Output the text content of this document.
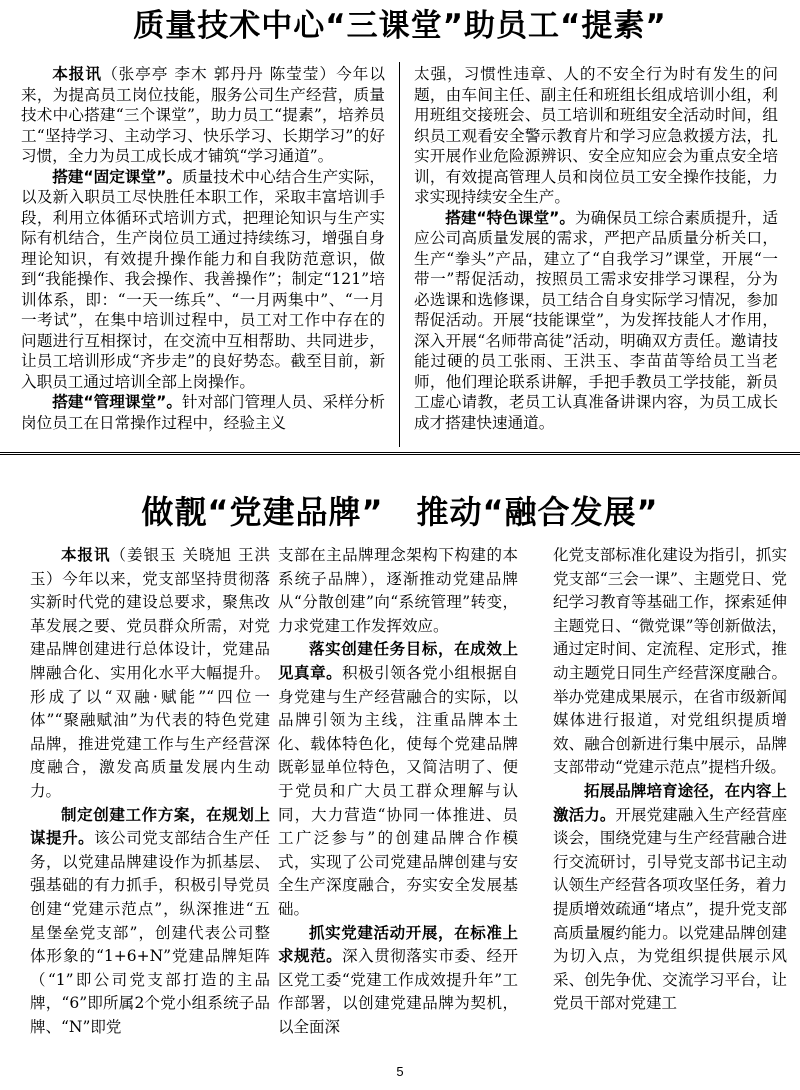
质量技术中心“三课堂”助员工“提素”

本报讯（张亭亭 李木 郭丹丹 陈莹莹）今年以来，为提高员工岗位技能，服务公司生产经营，质量技术中心搭建“三个课堂”，助力员工“提素”，培养员工“坚持学习、主动学习、快乐学习、长期学习”的好习惯，全力为员工成长成才铺筑“学习通道”。

搭建“固定课堂”。质量技术中心结合生产实际，以及新入职员工尽快胜任本职工作，采取丰富培训手段，利用立体循环式培训方式，把理论知识与生产实际有机结合，生产岗位员工通过持续练习，增强自身理论知识，有效提升操作能力和自我防范意识，做到“我能操作、我会操作、我善操作”；制定“121”培训体系，即：“一天一练兵”、“一月两集中”、“一月一考试”，在集中培训过程中，员工对工作中存在的问题进行互相探讨，在交流中互相帮助、共同进步，让员工培训形成“齐步走”的良好势态。截至目前，新入职员工通过培训全部上岗操作。

搭建“管理课堂”。针对部门管理人员、采样分析岗位员工在日常操作过程中，经验主义

太强，习惯性违章、人的不安全行为时有发生的问题，由车间主任、副主任和班组长组成培训小组，利用班组交接班会、员工培训和班组安全活动时间，组织员工观看安全警示教育片和学习应急救援方法，扎实开展作业危险源辨识、安全应知应会为重点安全培训，有效提高管理人员和岗位员工安全操作技能，力求实现持续安全生产。

搭建“特色课堂”。为确保员工综合素质提升，适应公司高质量发展的需求，严把产品质量分析关口，生产“拳头”产品，建立了“自我学习”课堂，开展“一带一”帮促活动，按照员工需求安排学习课程，分为必选课和选修课，员工结合自身实际学习情况，参加帮促活动。开展“技能课堂”，为发挥技能人才作用，深入开展“名师带高徒”活动，明确双方责任。邀请技能过硬的员工张雨、王洪玉、李苗苗等给员工当老师，他们理论联系讲解，手把手教员工学技能，新员工虚心请教，老员工认真准备讲课内容，为员工成长成才搭建快速通道。

做靓“党建品牌”　推动“融合发展”

本报讯（姜银玉 关晓旭 王洪玉）今年以来，党支部坚持贯彻落实新时代党的建设总要求，聚焦改革发展之要、党员群众所需，对党建品牌创建进行总体设计，党建品牌融合化、实用化水平大幅提升。形成了以“双融·赋能”“四位一体”“聚融赋油”为代表的特色党建品牌，推进党建工作与生产经营深度融合，激发高质量发展内生动力。

制定创建工作方案，在规划上谋提升。该公司党支部结合生产任务，以党建品牌建设作为抓基层、强基础的有力抓手，积极引导党员创建“党建示范点”，纵深推进“五星堡垒党支部”，创建代表公司整体形象的“1+6+N”党建品牌矩阵（“1”即公司党支部打造的主品牌，“6”即所属2个党小组系统子品牌、“N”即党

支部在主品牌理念架构下构建的本系统子品牌），逐渐推动党建品牌从“分散创建”向“系统管理”转变，力求党建工作发挥效应。

落实创建任务目标，在成效上见真章。积极引领各党小组根据自身党建与生产经营融合的实际，以品牌引领为主线，注重品牌本土化、载体特色化，使每个党建品牌既彰显单位特色，又简洁明了、便于党员和广大员工群众理解与认同，大力营造“协同一体推进、员工广泛参与”的创建品牌合作模式，实现了公司党建品牌创建与安全生产深度融合，夯实安全发展基础。

抓实党建活动开展，在标准上求规范。深入贯彻落实市委、经开区党工委“党建工作成效提升年”工作部署，以创建党建品牌为契机，以全面深

化党支部标准化建设为指引，抓实党支部“三会一课”、主题党日、党纪学习教育等基础工作，探索延伸主题党日、“微党课”等创新做法，通过定时间、定流程、定形式，推动主题党日同生产经营深度融合。举办党建成果展示，在省市级新闻媒体进行报道，对党组织提质增效、融合创新进行集中展示，品牌支部带动“党建示范点”提档升级。

拓展品牌培育途径，在内容上激活力。开展党建融入生产经营座谈会，围绕党建与生产经营融合进行交流研讨，引导党支部书记主动认领生产经营各项攻坚任务，着力提质增效疏通“堵点”，提升党支部高质量履约能力。以党建品牌创建为切入点，为党组织提供展示风采、创先争优、交流学习平台，让党员干部对党建工

5
